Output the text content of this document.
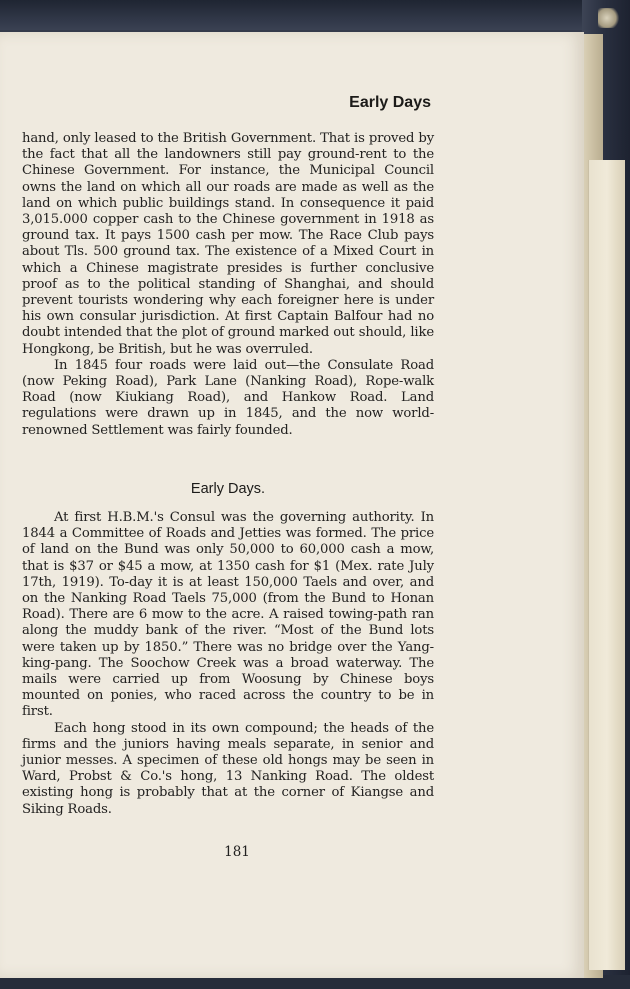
Early Days

hand, only leased to the British Government. That is proved by the fact that all the landowners still pay ground-rent to the Chinese Government. For instance, the Municipal Council owns the land on which all our roads are made as well as the land on which public buildings stand. In consequence it paid 3,015.000 copper cash to the Chinese government in 1918 as ground tax. It pays 1500 cash per mow. The Race Club pays about Tls. 500 ground tax. The existence of a Mixed Court in which a Chinese magistrate presides is further conclusive proof as to the political standing of Shanghai, and should prevent tourists wondering why each foreigner here is under his own consular jurisdiction. At first Captain Balfour had no doubt intended that the plot of ground marked out should, like Hongkong, be British, but he was overruled.

In 1845 four roads were laid out—the Consulate Road (now Peking Road), Park Lane (Nanking Road), Rope-walk Road (now Kiukiang Road), and Hankow Road. Land regulations were drawn up in 1845, and the now world-renowned Settlement was fairly founded.

Early Days.

At first H.B.M.'s Consul was the governing authority. In 1844 a Committee of Roads and Jetties was formed. The price of land on the Bund was only 50,000 to 60,000 cash a mow, that is $37 or $45 a mow, at 1350 cash for $1 (Mex. rate July 17th, 1919). To-day it is at least 150,000 Taels and over, and on the Nanking Road Taels 75,000 (from the Bund to Honan Road). There are 6 mow to the acre. A raised towing-path ran along the muddy bank of the river. “Most of the Bund lots were taken up by 1850.” There was no bridge over the Yang-king-pang. The Soochow Creek was a broad waterway. The mails were carried up from Woosung by Chinese boys mounted on ponies, who raced across the country to be in first.

Each hong stood in its own compound; the heads of the firms and the juniors having meals separate, in senior and junior messes. A specimen of these old hongs may be seen in Ward, Probst & Co.'s hong, 13 Nanking Road. The oldest existing hong is probably that at the corner of Kiangse and Siking Roads.

181
